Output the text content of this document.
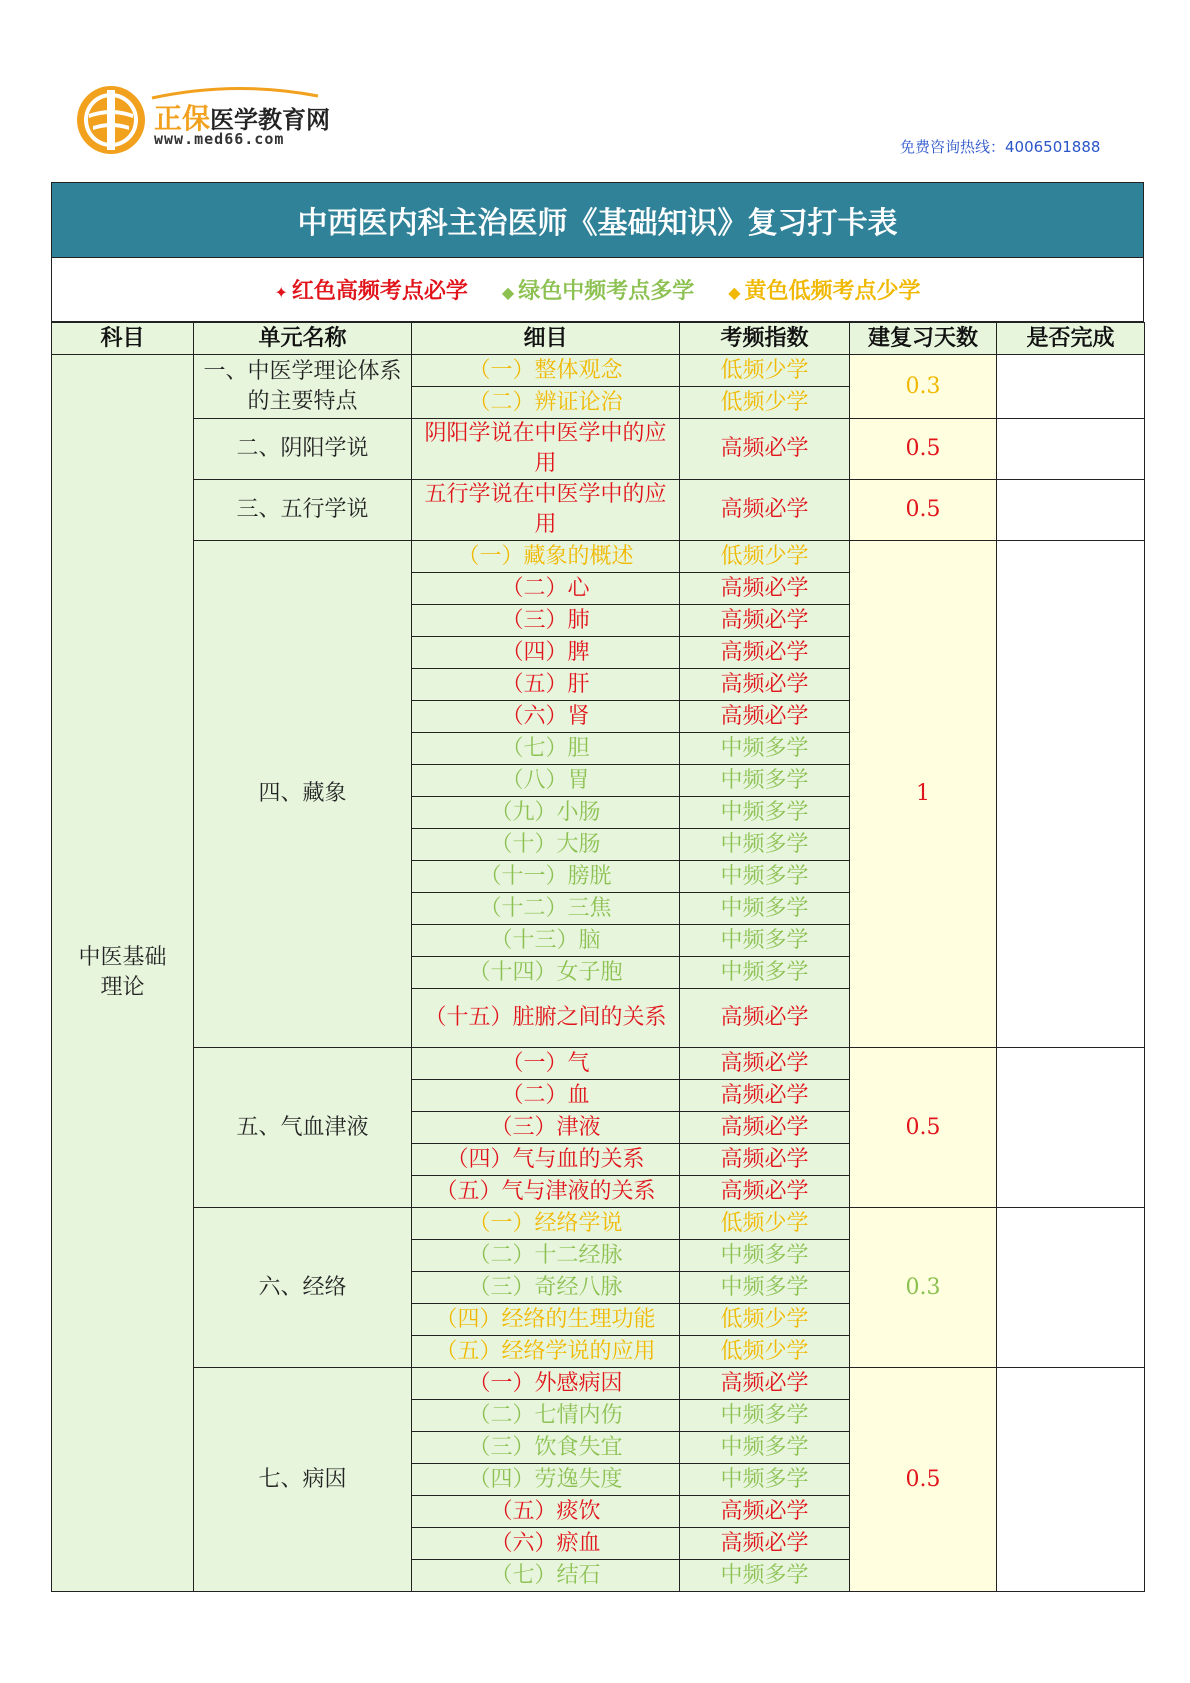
正保医学教育网
www.med66.com	免费咨询热线：4006501888
中西医内科主治医师《基础知识》复习打卡表
✦ 红色高频考点必学 ◆ 绿色中频考点多学 ◆ 黄色低频考点少学
科目	单元名称	细目	考频指数	建复习天数	是否完成
中医基础理论	一、中医学理论体系的主要特点	（一）整体观念	低频少学	0.3	
		（二）辨证论治	低频少学		
	二、阴阳学说	阴阳学说在中医学中的应用	高频必学	0.5	
	三、五行学说	五行学说在中医学中的应用	高频必学	0.5	
	四、藏象	（一）藏象的概述	低频少学	1	
		（二）心	高频必学		
		（三）肺	高频必学		
		（四）脾	高频必学		
		（五）肝	高频必学		
		（六）肾	高频必学		
		（七）胆	中频多学		
		（八）胃	中频多学		
		（九）小肠	中频多学		
		（十）大肠	中频多学		
		（十一）膀胱	中频多学		
		（十二）三焦	中频多学		
		（十三）脑	中频多学		
		（十四）女子胞	中频多学		
		（十五）脏腑之间的关系	高频必学		
	五、气血津液	（一）气	高频必学	0.5	
		（二）血	高频必学		
		（三）津液	高频必学		
		（四）气与血的关系	高频必学		
		（五）气与津液的关系	高频必学		
	六、经络	（一）经络学说	低频少学	0.3	
		（二）十二经脉	中频多学		
		（三）奇经八脉	中频多学		
		（四）经络的生理功能	低频少学		
		（五）经络学说的应用	低频少学		
	七、病因	（一）外感病因	高频必学	0.5	
		（二）七情内伤	中频多学		
		（三）饮食失宜	中频多学		
		（四）劳逸失度	中频多学		
		（五）痰饮	高频必学		
		（六）瘀血	高频必学		
		（七）结石	中频多学		
